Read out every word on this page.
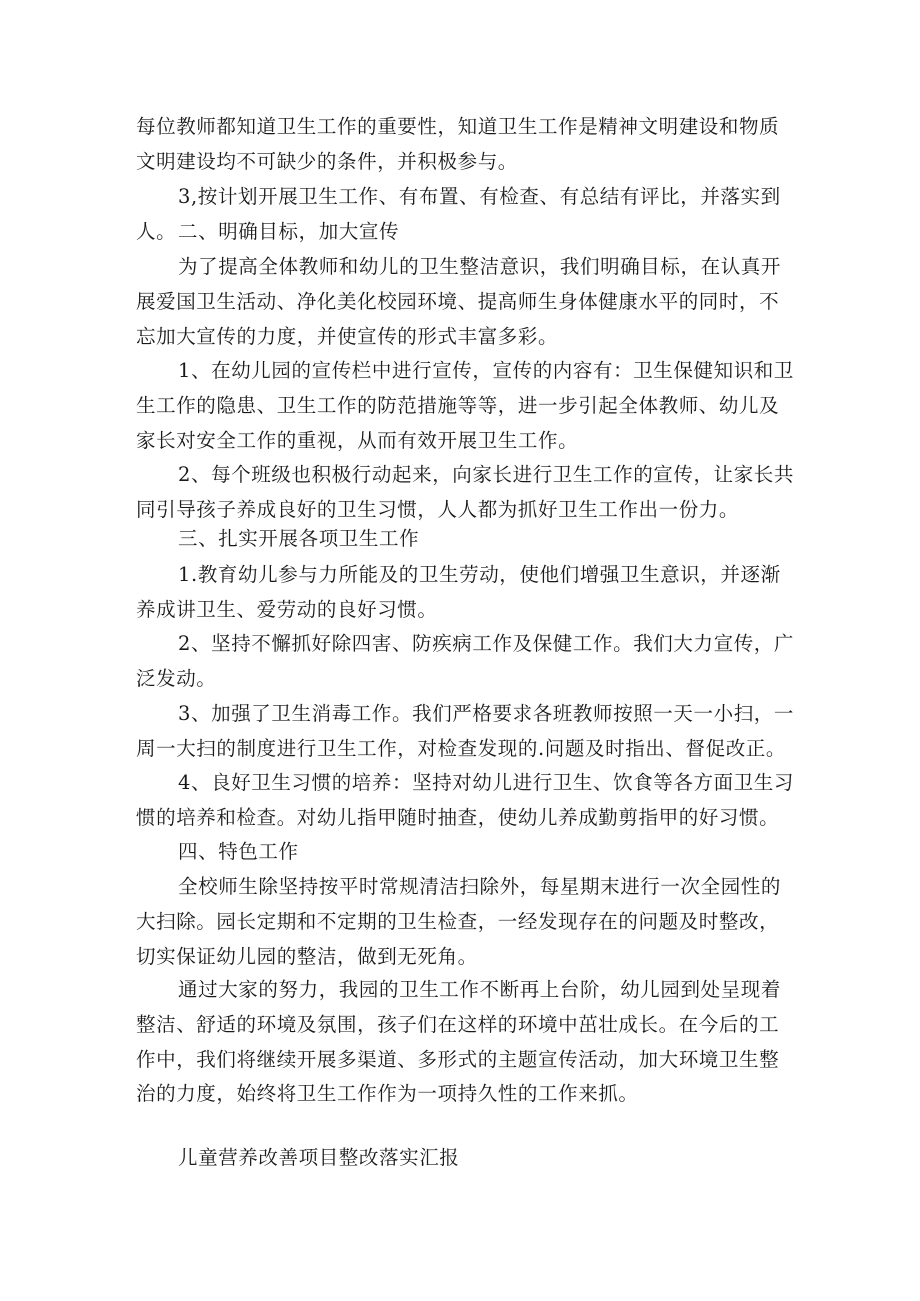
每位教师都知道卫生工作的重要性，知道卫生工作是精神文明建设和物质文明建设均不可缺少的条件，并积极参与。

3,按计划开展卫生工作、有布置、有检查、有总结有评比，并落实到人。 二、明确目标，加大宣传

为了提高全体教师和幼儿的卫生整洁意识，我们明确目标，在认真开展爱国卫生活动、净化美化校园环境、提高师生身体健康水平的同时，不忘加大宣传的力度，并使宣传的形式丰富多彩。

1、在幼儿园的宣传栏中进行宣传，宣传的内容有：卫生保健知识和卫生工作的隐患、卫生工作的防范措施等等，进一步引起全体教师、幼儿及家长对安全工作的重视，从而有效开展卫生工作。

2、每个班级也积极行动起来，向家长进行卫生工作的宣传，让家长共同引导孩子养成良好的卫生习惯，人人都为抓好卫生工作出一份力。

三、扎实开展各项卫生工作

1.教育幼儿参与力所能及的卫生劳动，使他们增强卫生意识，并逐渐养成讲卫生、爱劳动的良好习惯。

2、坚持不懈抓好除四害、防疾病工作及保健工作。我们大力宣传，广泛发动。

3、加强了卫生消毒工作。我们严格要求各班教师按照一天一小扫，一周一大扫的制度进行卫生工作，对检查发现的.问题及时指出、督促改正。

4、良好卫生习惯的培养：坚持对幼儿进行卫生、饮食等各方面卫生习惯的培养和检查。对幼儿指甲随时抽查，使幼儿养成勤剪指甲的好习惯。

四、特色工作

全校师生除坚持按平时常规清洁扫除外，每星期末进行一次全园性的大扫除。园长定期和不定期的卫生检查，一经发现存在的问题及时整改，切实保证幼儿园的整洁，做到无死角。

通过大家的努力，我园的卫生工作不断再上台阶，幼儿园到处呈现着整洁、舒适的环境及氛围，孩子们在这样的环境中茁壮成长。在今后的工作中，我们将继续开展多渠道、多形式的主题宣传活动，加大环境卫生整治的力度，始终将卫生工作作为一项持久性的工作来抓。

儿童营养改善项目整改落实汇报
